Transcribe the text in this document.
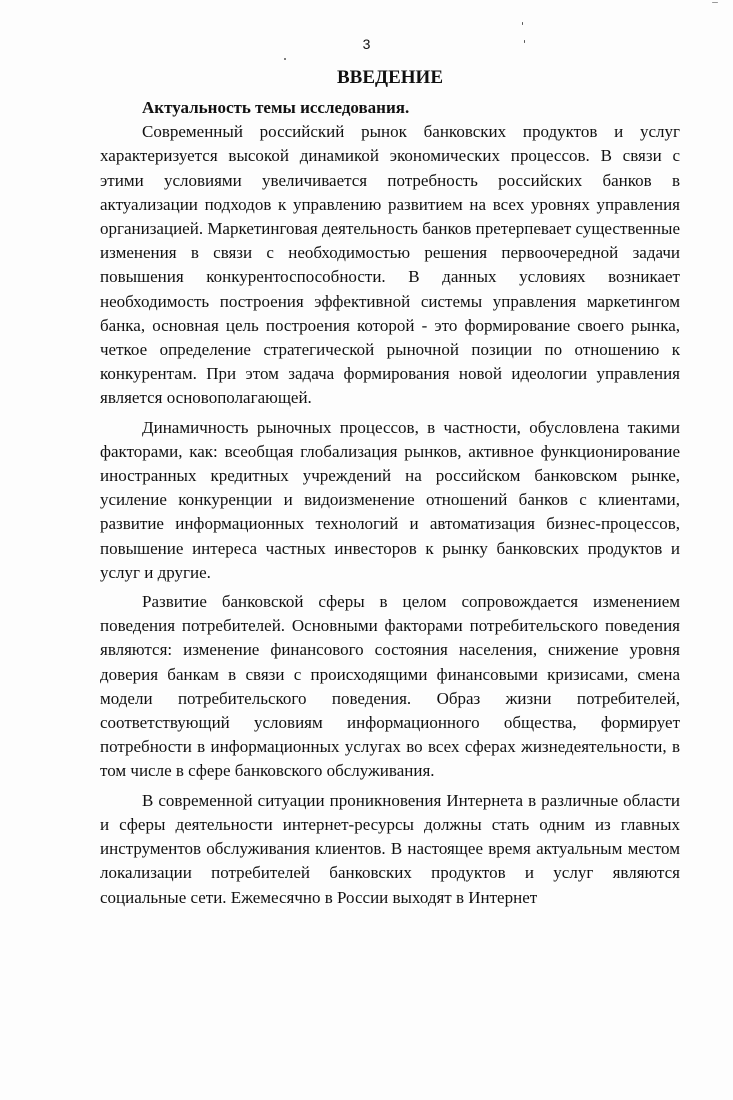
3
ВВЕДЕНИЕ

Актуальность темы исследования.

Современный российский рынок банковских продуктов и услуг характеризуется высокой динамикой экономических процессов. В связи с этими условиями увеличивается потребность российских банков в актуализации подходов к управлению развитием на всех уровнях управления организацией. Маркетинговая деятельность банков претерпевает существенные изменения в связи с необходимостью решения первоочередной задачи повышения конкурентоспособности. В данных условиях возникает необходимость построения эффективной системы управления маркетингом банка, основная цель построения которой - это формирование своего рынка, четкое определение стратегической рыночной позиции по отношению к конкурентам. При этом задача формирования новой идеологии управления является основополагающей.

Динамичность рыночных процессов, в частности, обусловлена такими факторами, как: всеобщая глобализация рынков, активное функционирование иностранных кредитных учреждений на российском банковском рынке, усиление конкуренции и видоизменение отношений банков с клиентами, развитие информационных технологий и автоматизация бизнес-процессов, повышение интереса частных инвесторов к рынку банковских продуктов и услуг и другие.

Развитие банковской сферы в целом сопровождается изменением поведения потребителей. Основными факторами потребительского поведения являются: изменение финансового состояния населения, снижение уровня доверия банкам в связи с происходящими финансовыми кризисами, смена модели потребительского поведения. Образ жизни потребителей, соответствующий условиям информационного общества, формирует потребности в информационных услугах во всех сферах жизнедеятельности, в том числе в сфере банковского обслуживания.

В современной ситуации проникновения Интернета в различные области и сферы деятельности интернет-ресурсы должны стать одним из главных инструментов обслуживания клиентов. В настоящее время актуальным местом локализации потребителей банковских продуктов и услуг являются социальные сети. Ежемесячно в России выходят в Интернет
